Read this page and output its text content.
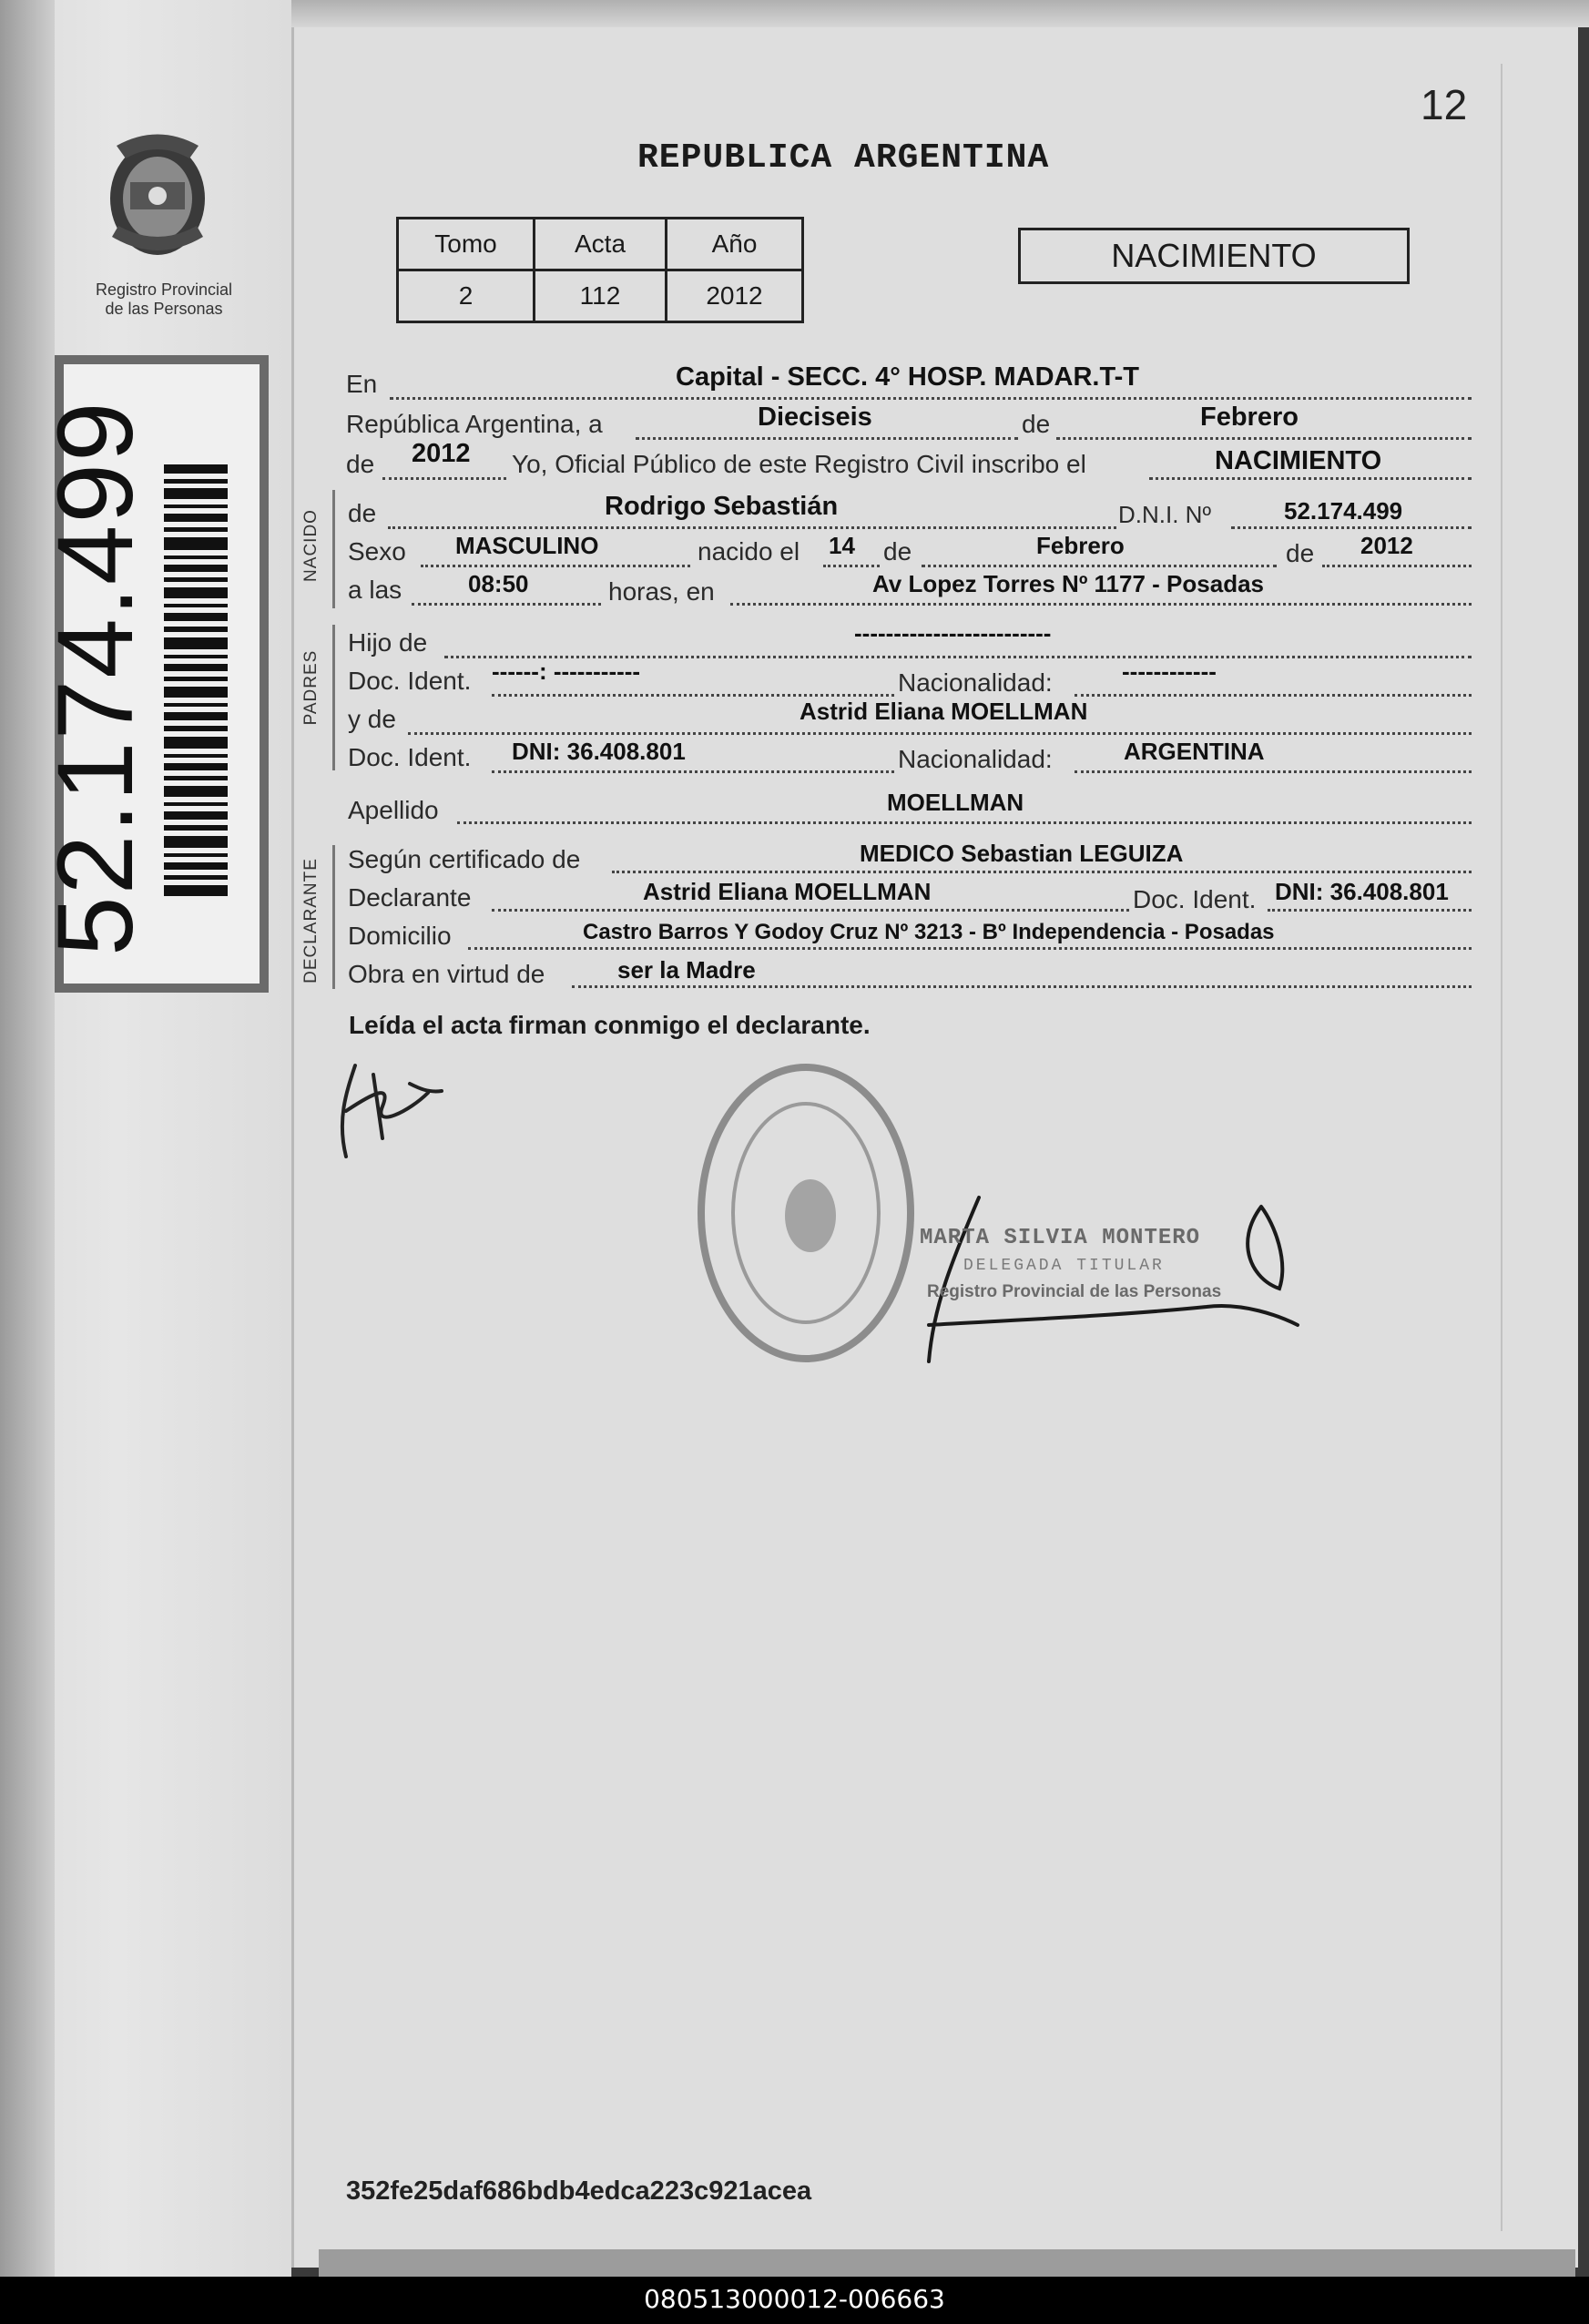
Registro Provincial
de las Personas
52.174.499
12
REPUBLICA ARGENTINA
Tomo	Acta	Año
2	112	2012
NACIMIENTO
En	Capital - SECC. 4° HOSP. MADAR.T-T
República Argentina, a	Dieciseis	de	Febrero
de 2012 Yo, Oficial Público de este Registro Civil inscribo el	NACIMIENTO
NACIDO de	Rodrigo Sebastián	D.N.I. Nº	52.174.499
Sexo MASCULINO	nacido el 14 de	Febrero	de 2012
a las	08:50	horas, en	Av Lopez Torres Nº 1177 - Posadas
PADRES
Hijo de	-------------------------
Doc. Ident. ------: -----------	Nacionalidad:	------------
y de	Astrid Eliana MOELLMAN
Doc. Ident. DNI: 36.408.801	Nacionalidad:	ARGENTINA
Apellido	MOELLMAN
DECLARANTE Según certificado de	MEDICO Sebastian LEGUIZA
Declarante	Astrid Eliana MOELLMAN	Doc. Ident. DNI: 36.408.801
Domicilio	Castro Barros Y Godoy Cruz Nº 3213 - Bº Independencia - Posadas
Obra en virtud de	ser la Madre
Leída el acta firman conmigo el declarante.
MARTA SILVIA MONTERO
DELEGADA TITULAR
Registro Provincial de las Personas
352fe25daf686bdb4edca223c921acea
080513000012-006663
